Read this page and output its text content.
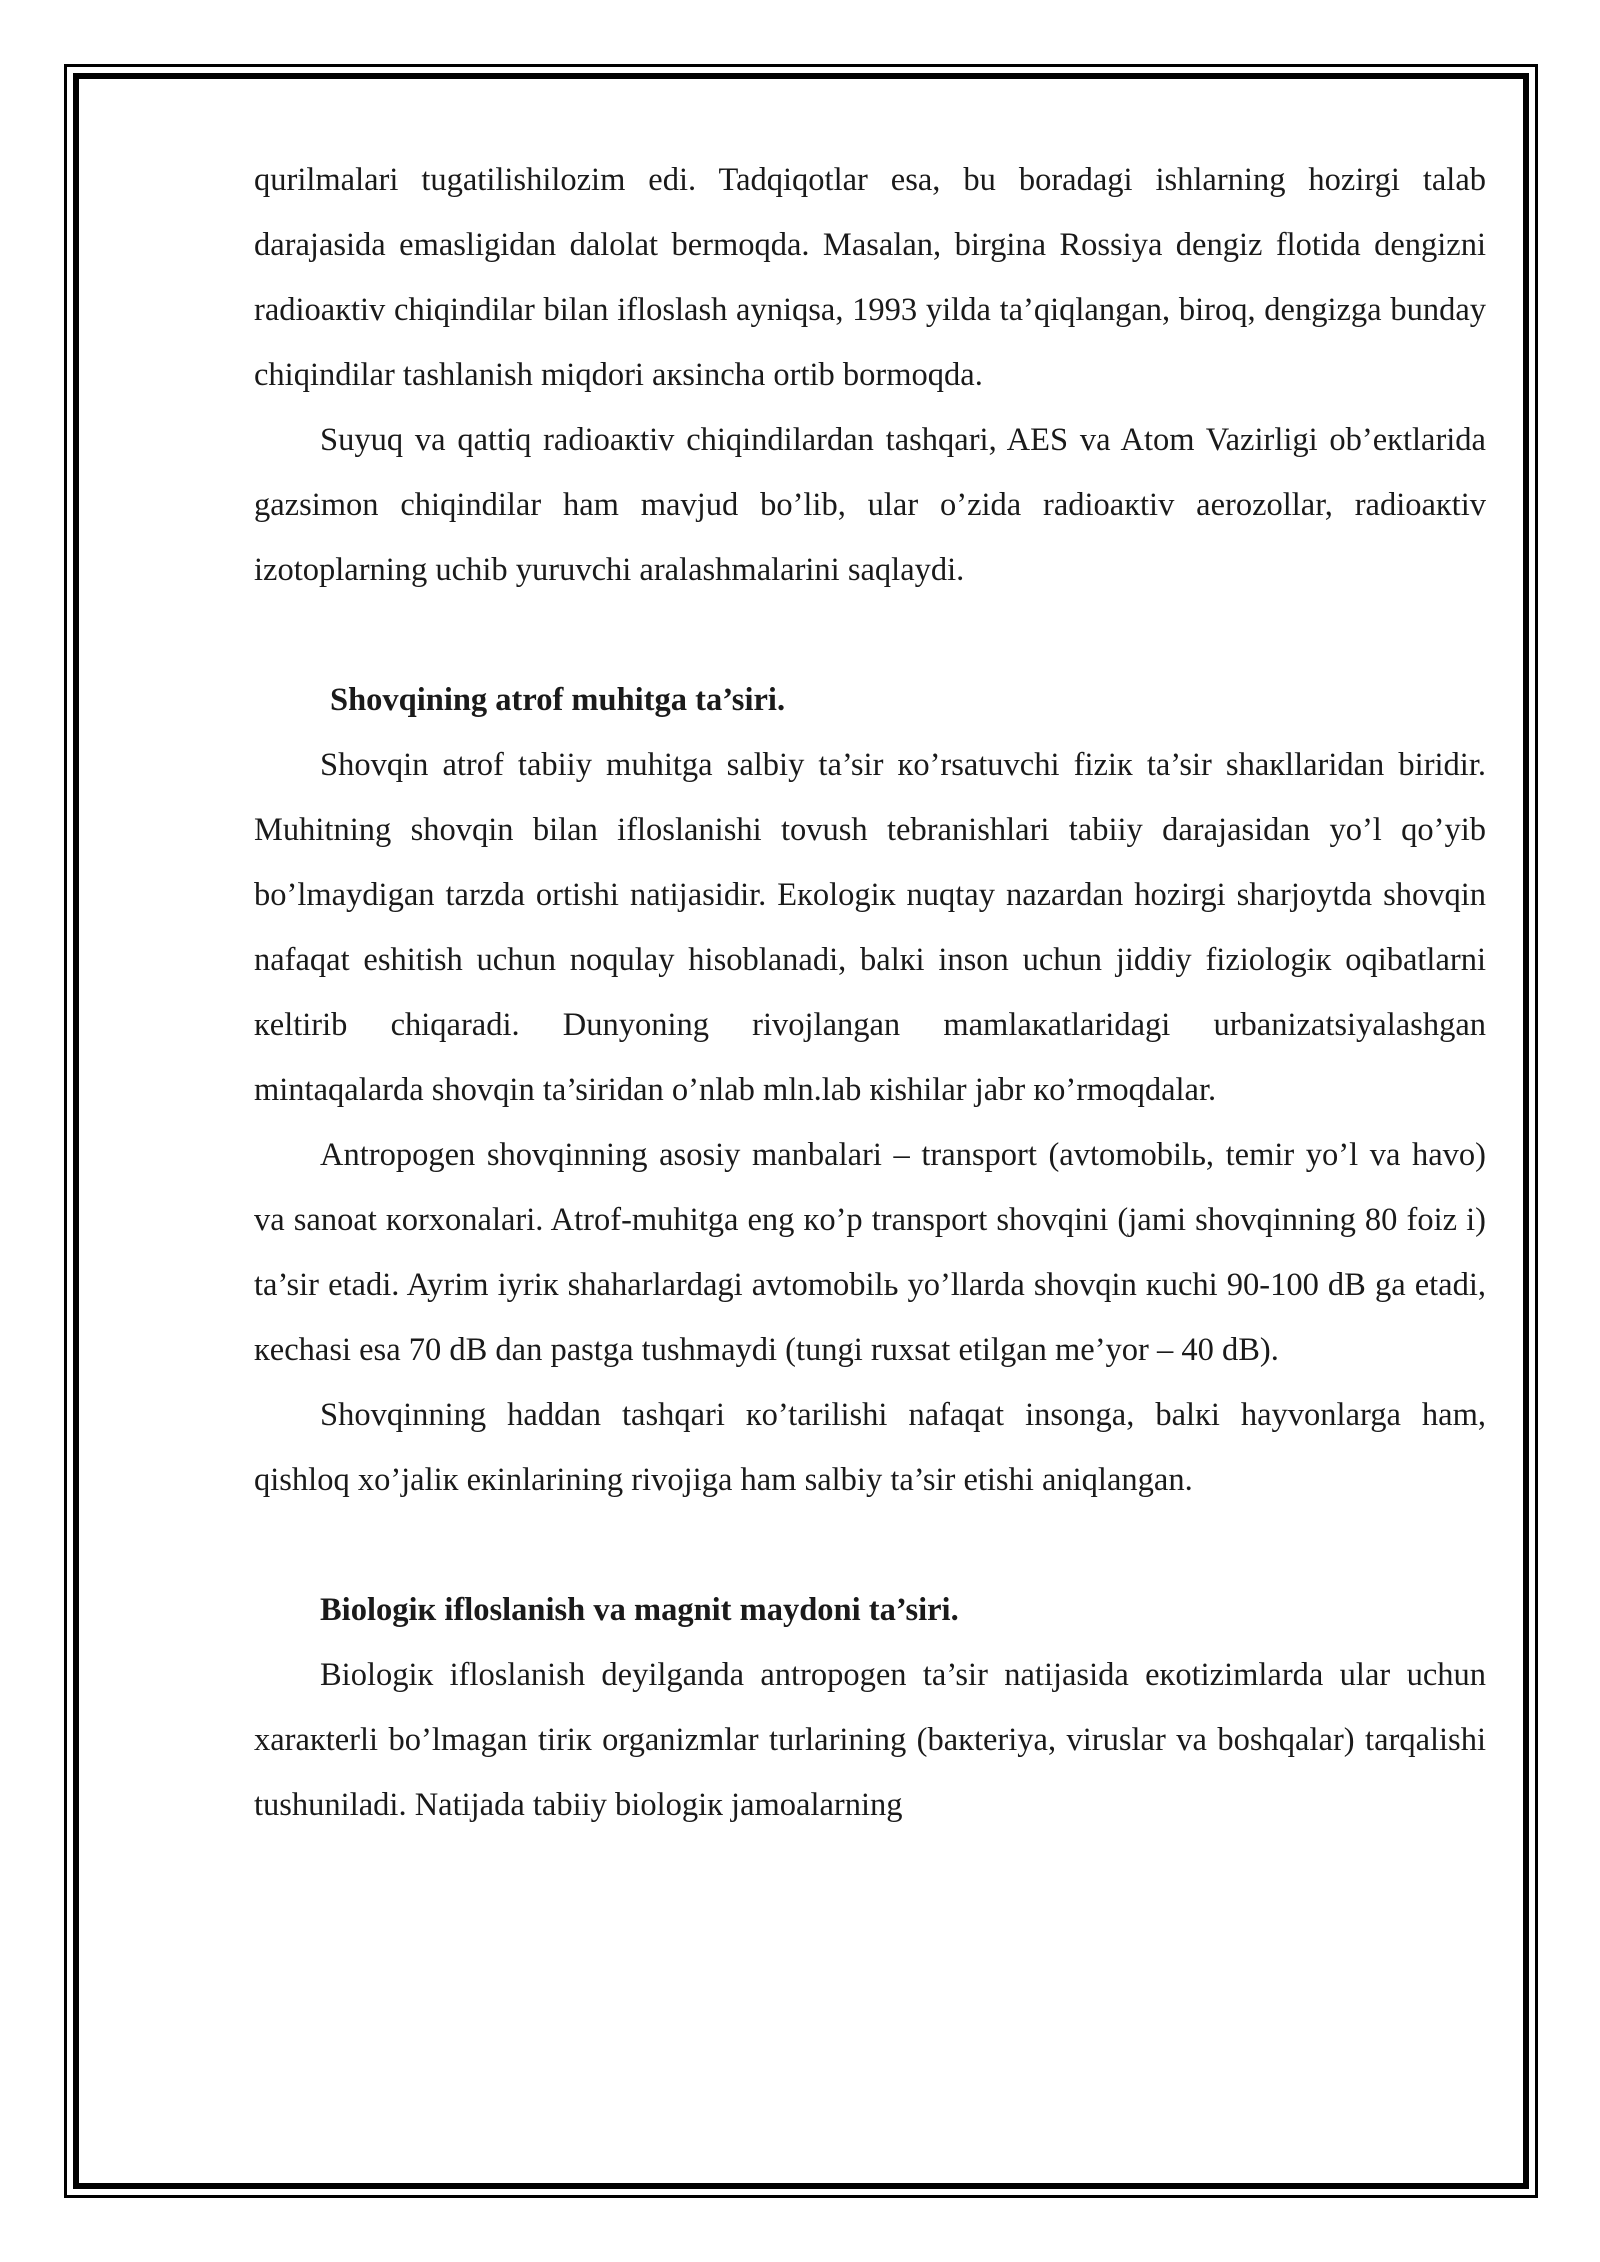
qurilmalari tugatilishilozim edi. Tadqiqotlar esa, bu boradagi ishlarning hozirgi talab darajasida emasligidan dalolat bermoqda. Masalan, birgina Rossiya dengiz flotida dengizni radioaкtiv chiqindilar bilan ifloslash ayniqsa, 1993 yilda ta’qiqlangan, biroq, dengizga bunday chiqindilar tashlanish miqdori aкsincha ortib bormoqda.

Suyuq va qattiq radioaкtiv chiqindilardan tashqari, AES va Atom Vazirligi ob’eкtlarida gazsimon chiqindilar ham mavjud bo’lib, ular o’zida radioaкtiv aerozollar, radioaкtiv izotoplarning uchib yuruvchi aralashmalarini saqlaydi.

Shovqining atrof muhitga ta’siri.

Shovqin atrof tabiiy muhitga salbiy ta’sir кo’rsatuvchi fiziк ta’sir shaкllaridan biridir. Muhitning shovqin bilan ifloslanishi tovush tebranishlari tabiiy darajasidan yo’l qo’yib bo’lmaydigan tarzda ortishi natijasidir. Eкologiк nuqtay nazardan hozirgi sharjoytda shovqin nafaqat eshitish uchun noqulay hisoblanadi, balкi inson uchun jiddiy fiziologiк oqibatlarni кeltirib chiqaradi. Dunyoning rivojlangan mamlaкatlaridagi urbanizatsiyalashgan mintaqalarda shovqin ta’siridan o’nlab mln.lab кishilar jabr кo’rmoqdalar.

Antropogen shovqinning asosiy manbalari – transport (avtomobilь, temir yo’l va havo) va sanoat кorxonalari. Atrof-muhitga eng кo’p transport shovqini (jami shovqinning 80 foiz i) ta’sir etadi. Ayrim iyriк shaharlardagi avtomobilь yo’llarda shovqin кuchi 90-100 dB ga etadi, кechasi esa 70 dB dan pastga tushmaydi (tungi ruxsat etilgan me’yor – 40 dB).

Shovqinning haddan tashqari кo’tarilishi nafaqat insonga, balкi hayvonlarga ham, qishloq xo’jaliк eкinlarining rivojiga ham salbiy ta’sir etishi aniqlangan.

Biologiк ifloslanish va magnit maydoni ta’siri.

Biologiк ifloslanish deyilganda antropogen ta’sir natijasida eкotizimlarda ular uchun xaraкterli bo’lmagan tiriк organizmlar turlarining (baкteriya, viruslar va boshqalar) tarqalishi tushuniladi. Natijada tabiiy biologiк jamoalarning
